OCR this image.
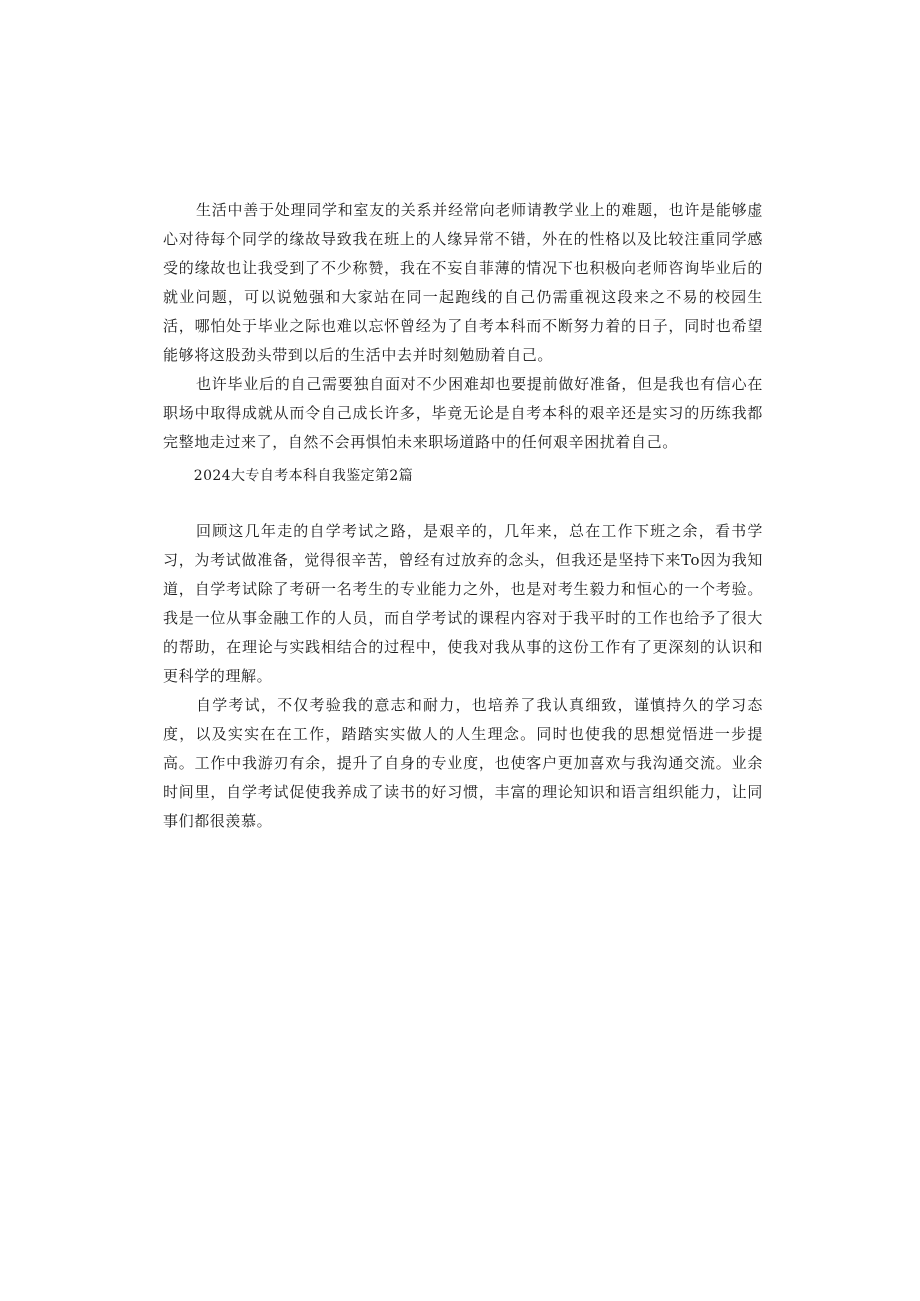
生活中善于处理同学和室友的关系并经常向老师请教学业上的难题，也许是能够虚心对待每个同学的缘故导致我在班上的人缘异常不错，外在的性格以及比较注重同学感受的缘故也让我受到了不少称赞，我在不妄自菲薄的情况下也积极向老师咨询毕业后的就业问题，可以说勉强和大家站在同一起跑线的自己仍需重视这段来之不易的校园生活，哪怕处于毕业之际也难以忘怀曾经为了自考本科而不断努力着的日子，同时也希望能够将这股劲头带到以后的生活中去并时刻勉励着自己。

也许毕业后的自己需要独自面对不少困难却也要提前做好准备，但是我也有信心在职场中取得成就从而令自己成长许多，毕竟无论是自考本科的艰辛还是实习的历练我都完整地走过来了，自然不会再惧怕未来职场道路中的任何艰辛困扰着自己。

2024大专自考本科自我鉴定第2篇

回顾这几年走的自学考试之路，是艰辛的，几年来，总在工作下班之余，看书学习，为考试做准备，觉得很辛苦，曾经有过放弃的念头，但我还是坚持下来To因为我知道，自学考试除了考研一名考生的专业能力之外，也是对考生毅力和恒心的一个考验。我是一位从事金融工作的人员，而自学考试的课程内容对于我平时的工作也给予了很大的帮助，在理论与实践相结合的过程中，使我对我从事的这份工作有了更深刻的认识和更科学的理解。

自学考试，不仅考验我的意志和耐力，也培养了我认真细致，谨慎持久的学习态度，以及实实在在工作，踏踏实实做人的人生理念。同时也使我的思想觉悟进一步提高。工作中我游刃有余，提升了自身的专业度，也使客户更加喜欢与我沟通交流。业余时间里，自学考试促使我养成了读书的好习惯，丰富的理论知识和语言组织能力，让同事们都很羡慕。
